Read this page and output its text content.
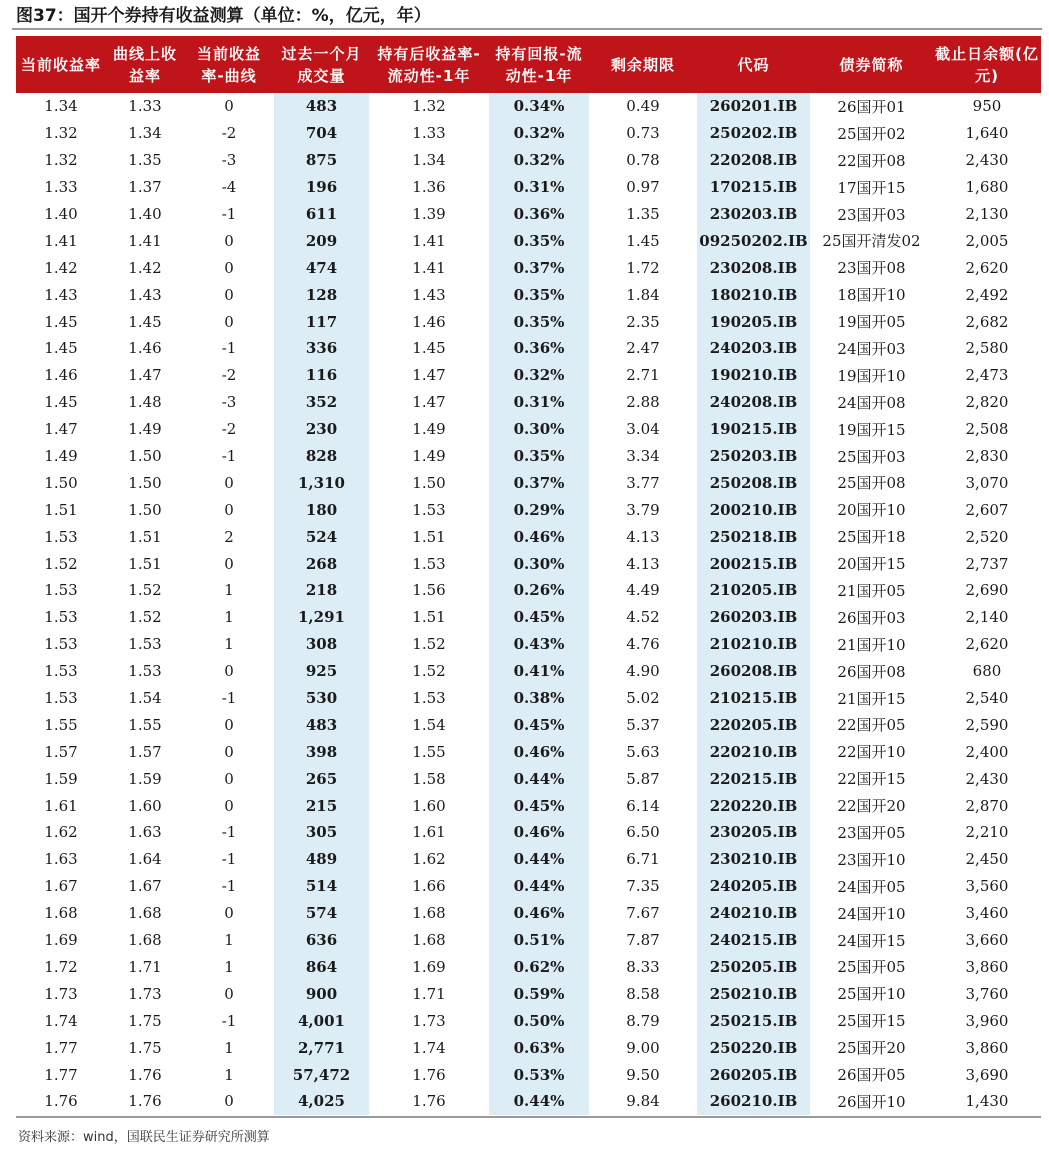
图37：国开个券持有收益测算（单位：%，亿元，年）
当前收益率	曲线上收益率	当前收益率-曲线	过去一个月成交量	持有后收益率-流动性-1年	持有回报-流动性-1年	剩余期限	代码	债券简称	截止日余额(亿元)
1.34	1.33	0	483	1.32	0.34%	0.49	260201.IB	26国开01	950
1.32	1.34	-2	704	1.33	0.32%	0.73	250202.IB	25国开02	1,640
1.32	1.35	-3	875	1.34	0.32%	0.78	220208.IB	22国开08	2,430
1.33	1.37	-4	196	1.36	0.31%	0.97	170215.IB	17国开15	1,680
1.40	1.40	-1	611	1.39	0.36%	1.35	230203.IB	23国开03	2,130
1.41	1.41	0	209	1.41	0.35%	1.45	09250202.IB	25国开清发02	2,005
1.42	1.42	0	474	1.41	0.37%	1.72	230208.IB	23国开08	2,620
1.43	1.43	0	128	1.43	0.35%	1.84	180210.IB	18国开10	2,492
1.45	1.45	0	117	1.46	0.35%	2.35	190205.IB	19国开05	2,682
1.45	1.46	-1	336	1.45	0.36%	2.47	240203.IB	24国开03	2,580
1.46	1.47	-2	116	1.47	0.32%	2.71	190210.IB	19国开10	2,473
1.45	1.48	-3	352	1.47	0.31%	2.88	240208.IB	24国开08	2,820
1.47	1.49	-2	230	1.49	0.30%	3.04	190215.IB	19国开15	2,508
1.49	1.50	-1	828	1.49	0.35%	3.34	250203.IB	25国开03	2,830
1.50	1.50	0	1,310	1.50	0.37%	3.77	250208.IB	25国开08	3,070
1.51	1.50	0	180	1.53	0.29%	3.79	200210.IB	20国开10	2,607
1.53	1.51	2	524	1.51	0.46%	4.13	250218.IB	25国开18	2,520
1.52	1.51	0	268	1.53	0.30%	4.13	200215.IB	20国开15	2,737
1.53	1.52	1	218	1.56	0.26%	4.49	210205.IB	21国开05	2,690
1.53	1.52	1	1,291	1.51	0.45%	4.52	260203.IB	26国开03	2,140
1.53	1.53	1	308	1.52	0.43%	4.76	210210.IB	21国开10	2,620
1.53	1.53	0	925	1.52	0.41%	4.90	260208.IB	26国开08	680
1.53	1.54	-1	530	1.53	0.38%	5.02	210215.IB	21国开15	2,540
1.55	1.55	0	483	1.54	0.45%	5.37	220205.IB	22国开05	2,590
1.57	1.57	0	398	1.55	0.46%	5.63	220210.IB	22国开10	2,400
1.59	1.59	0	265	1.58	0.44%	5.87	220215.IB	22国开15	2,430
1.61	1.60	0	215	1.60	0.45%	6.14	220220.IB	22国开20	2,870
1.62	1.63	-1	305	1.61	0.46%	6.50	230205.IB	23国开05	2,210
1.63	1.64	-1	489	1.62	0.44%	6.71	230210.IB	23国开10	2,450
1.67	1.67	-1	514	1.66	0.44%	7.35	240205.IB	24国开05	3,560
1.68	1.68	0	574	1.68	0.46%	7.67	240210.IB	24国开10	3,460
1.69	1.68	1	636	1.68	0.51%	7.87	240215.IB	24国开15	3,660
1.72	1.71	1	864	1.69	0.62%	8.33	250205.IB	25国开05	3,860
1.73	1.73	0	900	1.71	0.59%	8.58	250210.IB	25国开10	3,760
1.74	1.75	-1	4,001	1.73	0.50%	8.79	250215.IB	25国开15	3,960
1.77	1.75	1	2,771	1.74	0.63%	9.00	250220.IB	25国开20	3,860
1.77	1.76	1	57,472	1.76	0.53%	9.50	260205.IB	26国开05	3,690
1.76	1.76	0	4,025	1.76	0.44%	9.84	260210.IB	26国开10	1,430
资料来源：wind，国联民生证券研究所测算
